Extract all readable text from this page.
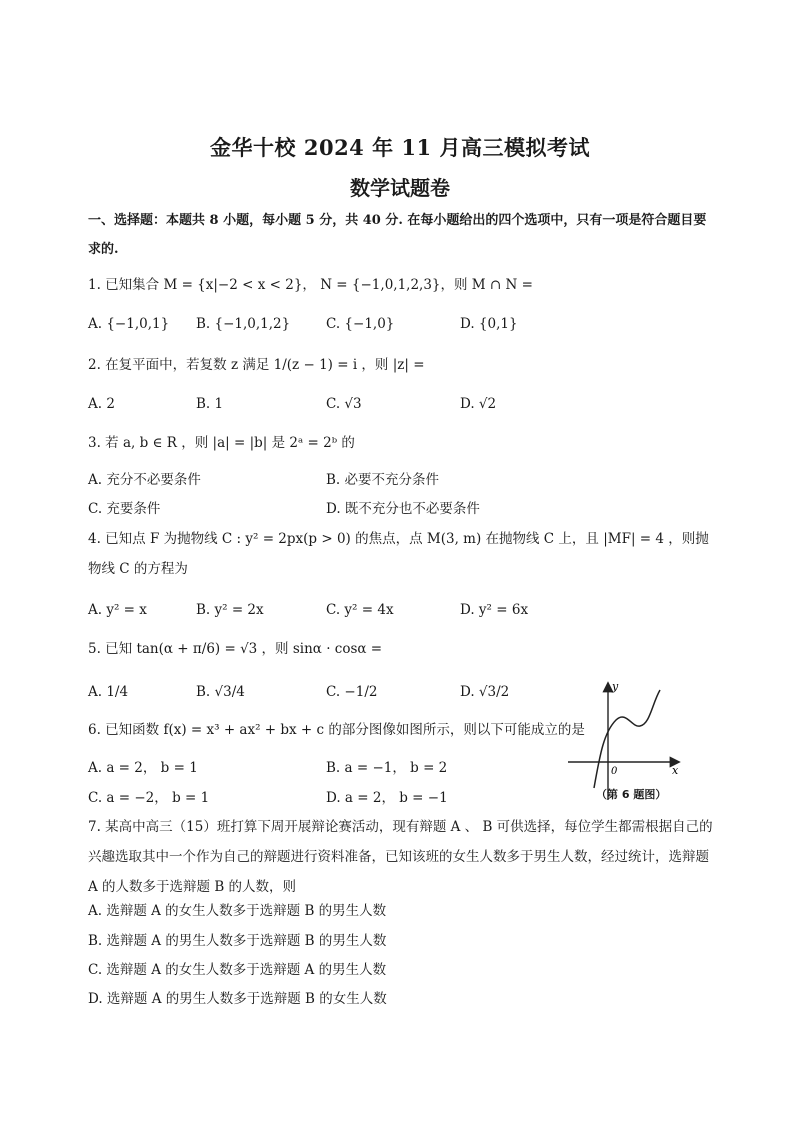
金华十校 2024 年 11 月高三模拟考试
数学试题卷
一、选择题：本题共 8 小题，每小题 5 分，共 40 分. 在每小题给出的四个选项中，只有一项是符合题目要求的.
1. 已知集合 M = {x|−2 < x < 2}， N = {−1,0,1,2,3}，则 M ∩ N =
A. {−1,0,1} B. {−1,0,1,2}	C. {−1,0}	D. {0,1}
2. 在复平面中，若复数 z 满足 1/(z − 1) = i ，则 |z| =
A. 2	B. 1	C. √3	D. √2
3. 若 a, b ∈ R ，则 |a| = |b| 是 2ᵃ = 2ᵇ 的
A. 充分不必要条件	B. 必要不充分条件
C. 充要条件	D. 既不充分也不必要条件
4. 已知点 F 为抛物线 C : y² = 2px(p > 0) 的焦点，点 M(3, m) 在抛物线 C 上，且 |MF| = 4 ，则抛物线 C 的方程为
A. y² = x	B. y² = 2x	C. y² = 4x	D. y² = 6x
5. 已知 tan(α + π/6) = √3 ，则 sinα · cosα =
A. 1/4	B. √3/4	C. −1/2	D. √3/2
6. 已知函数 f(x) = x³ + ax² + bx + c 的部分图像如图所示，则以下可能成立的是
A. a = 2， b = 1	B. a = −1， b = 2
C. a = −2， b = 1	D. a = 2， b = −1
y
x
0
（第 6 题图）
7. 某高中高三（15）班打算下周开展辩论赛活动，现有辩题 A 、 B 可供选择，每位学生都需根据自己的兴趣选取其中一个作为自己的辩题进行资料准备，已知该班的女生人数多于男生人数，经过统计，选辩题 A 的人数多于选辩题 B 的人数，则
A. 选辩题 A 的女生人数多于选辩题 B 的男生人数
B. 选辩题 A 的男生人数多于选辩题 B 的男生人数
C. 选辩题 A 的女生人数多于选辩题 A 的男生人数
D. 选辩题 A 的男生人数多于选辩题 B 的女生人数
